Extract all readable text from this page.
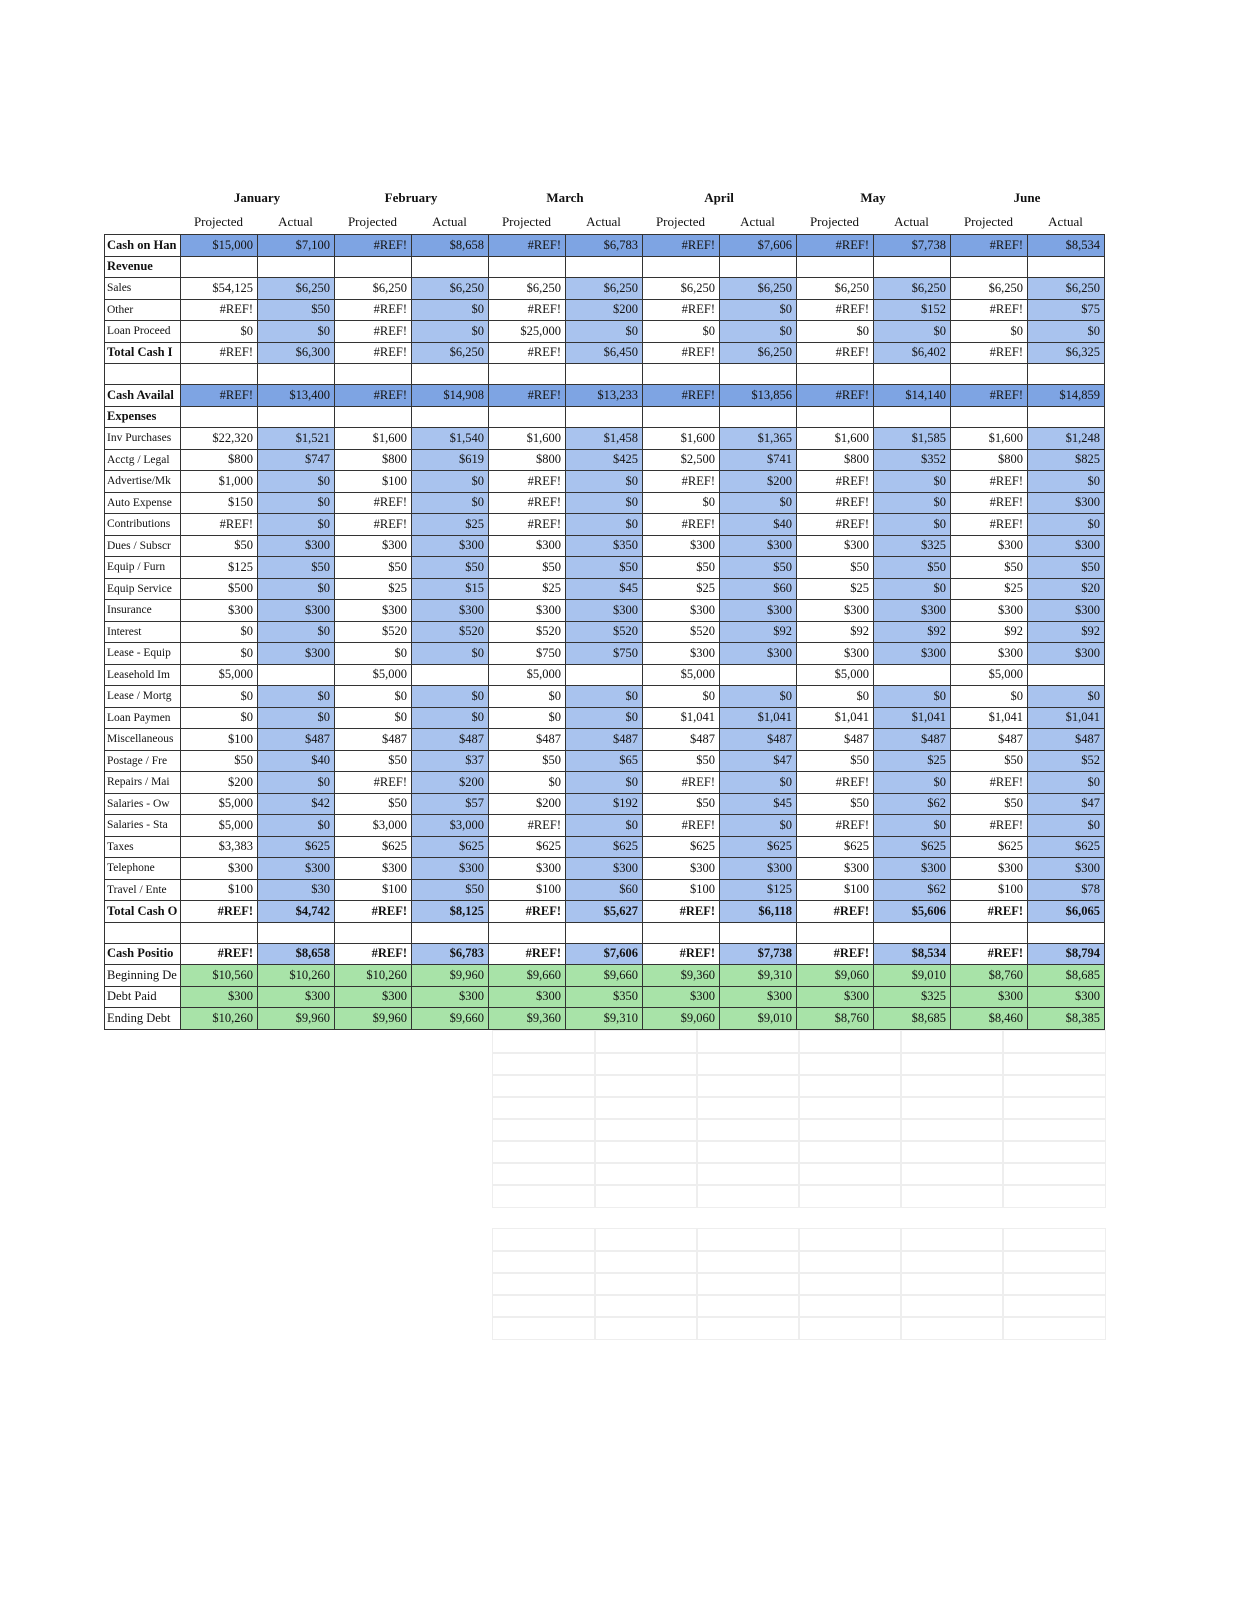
January	February	March	April	May	June
Projected	Actual	Projected	Actual	Projected	Actual	Projected	Actual	Projected	Actual	Projected	Actual
Cash on Han	$15,000	$7,100	#REF!	$8,658	#REF!	$6,783	#REF!	$7,606	#REF!	$7,738	#REF!	$8,534
Revenue												
Sales	$54,125	$6,250	$6,250	$6,250	$6,250	$6,250	$6,250	$6,250	$6,250	$6,250	$6,250	$6,250
Other	#REF!	$50	#REF!	$0	#REF!	$200	#REF!	$0	#REF!	$152	#REF!	$75
Loan Proceed	$0	$0	#REF!	$0	$25,000	$0	$0	$0	$0	$0	$0	$0
Total Cash I	#REF!	$6,300	#REF!	$6,250	#REF!	$6,450	#REF!	$6,250	#REF!	$6,402	#REF!	$6,325

Cash Availal	#REF!	$13,400	#REF!	$14,908	#REF!	$13,233	#REF!	$13,856	#REF!	$14,140	#REF!	$14,859
Expenses												
Inv Purchases	$22,320	$1,521	$1,600	$1,540	$1,600	$1,458	$1,600	$1,365	$1,600	$1,585	$1,600	$1,248
Acctg / Legal	$800	$747	$800	$619	$800	$425	$2,500	$741	$800	$352	$800	$825
Advertise/Mk	$1,000	$0	$100	$0	#REF!	$0	#REF!	$200	#REF!	$0	#REF!	$0
Auto Expense	$150	$0	#REF!	$0	#REF!	$0	$0	$0	#REF!	$0	#REF!	$300
Contributions	#REF!	$0	#REF!	$25	#REF!	$0	#REF!	$40	#REF!	$0	#REF!	$0
Dues / Subscr	$50	$300	$300	$300	$300	$350	$300	$300	$300	$325	$300	$300
Equip / Furn	$125	$50	$50	$50	$50	$50	$50	$50	$50	$50	$50	$50
Equip Service	$500	$0	$25	$15	$25	$45	$25	$60	$25	$0	$25	$20
Insurance	$300	$300	$300	$300	$300	$300	$300	$300	$300	$300	$300	$300
Interest	$0	$0	$520	$520	$520	$520	$520	$92	$92	$92	$92	$92
Lease - Equip	$0	$300	$0	$0	$750	$750	$300	$300	$300	$300	$300	$300
Leasehold Im	$5,000		$5,000		$5,000		$5,000		$5,000		$5,000	
Lease / Mortg	$0	$0	$0	$0	$0	$0	$0	$0	$0	$0	$0	$0
Loan Paymen	$0	$0	$0	$0	$0	$0	$1,041	$1,041	$1,041	$1,041	$1,041	$1,041
Miscellaneous	$100	$487	$487	$487	$487	$487	$487	$487	$487	$487	$487	$487
Postage / Fre	$50	$40	$50	$37	$50	$65	$50	$47	$50	$25	$50	$52
Repairs / Mai	$200	$0	#REF!	$200	$0	$0	#REF!	$0	#REF!	$0	#REF!	$0
Salaries - Ow	$5,000	$42	$50	$57	$200	$192	$50	$45	$50	$62	$50	$47
Salaries - Sta	$5,000	$0	$3,000	$3,000	#REF!	$0	#REF!	$0	#REF!	$0	#REF!	$0
Taxes	$3,383	$625	$625	$625	$625	$625	$625	$625	$625	$625	$625	$625
Telephone	$300	$300	$300	$300	$300	$300	$300	$300	$300	$300	$300	$300
Travel / Ente	$100	$30	$100	$50	$100	$60	$100	$125	$100	$62	$100	$78
Total Cash O	#REF!	$4,742	#REF!	$8,125	#REF!	$5,627	#REF!	$6,118	#REF!	$5,606	#REF!	$6,065

Cash Positio	#REF!	$8,658	#REF!	$6,783	#REF!	$7,606	#REF!	$7,738	#REF!	$8,534	#REF!	$8,794
Beginning De	$10,560	$10,260	$10,260	$9,960	$9,660	$9,660	$9,360	$9,310	$9,060	$9,010	$8,760	$8,685
Debt Paid	$300	$300	$300	$300	$300	$350	$300	$300	$300	$325	$300	$300
Ending Debt	$10,260	$9,960	$9,960	$9,660	$9,360	$9,310	$9,060	$9,010	$8,760	$8,685	$8,460	$8,385
